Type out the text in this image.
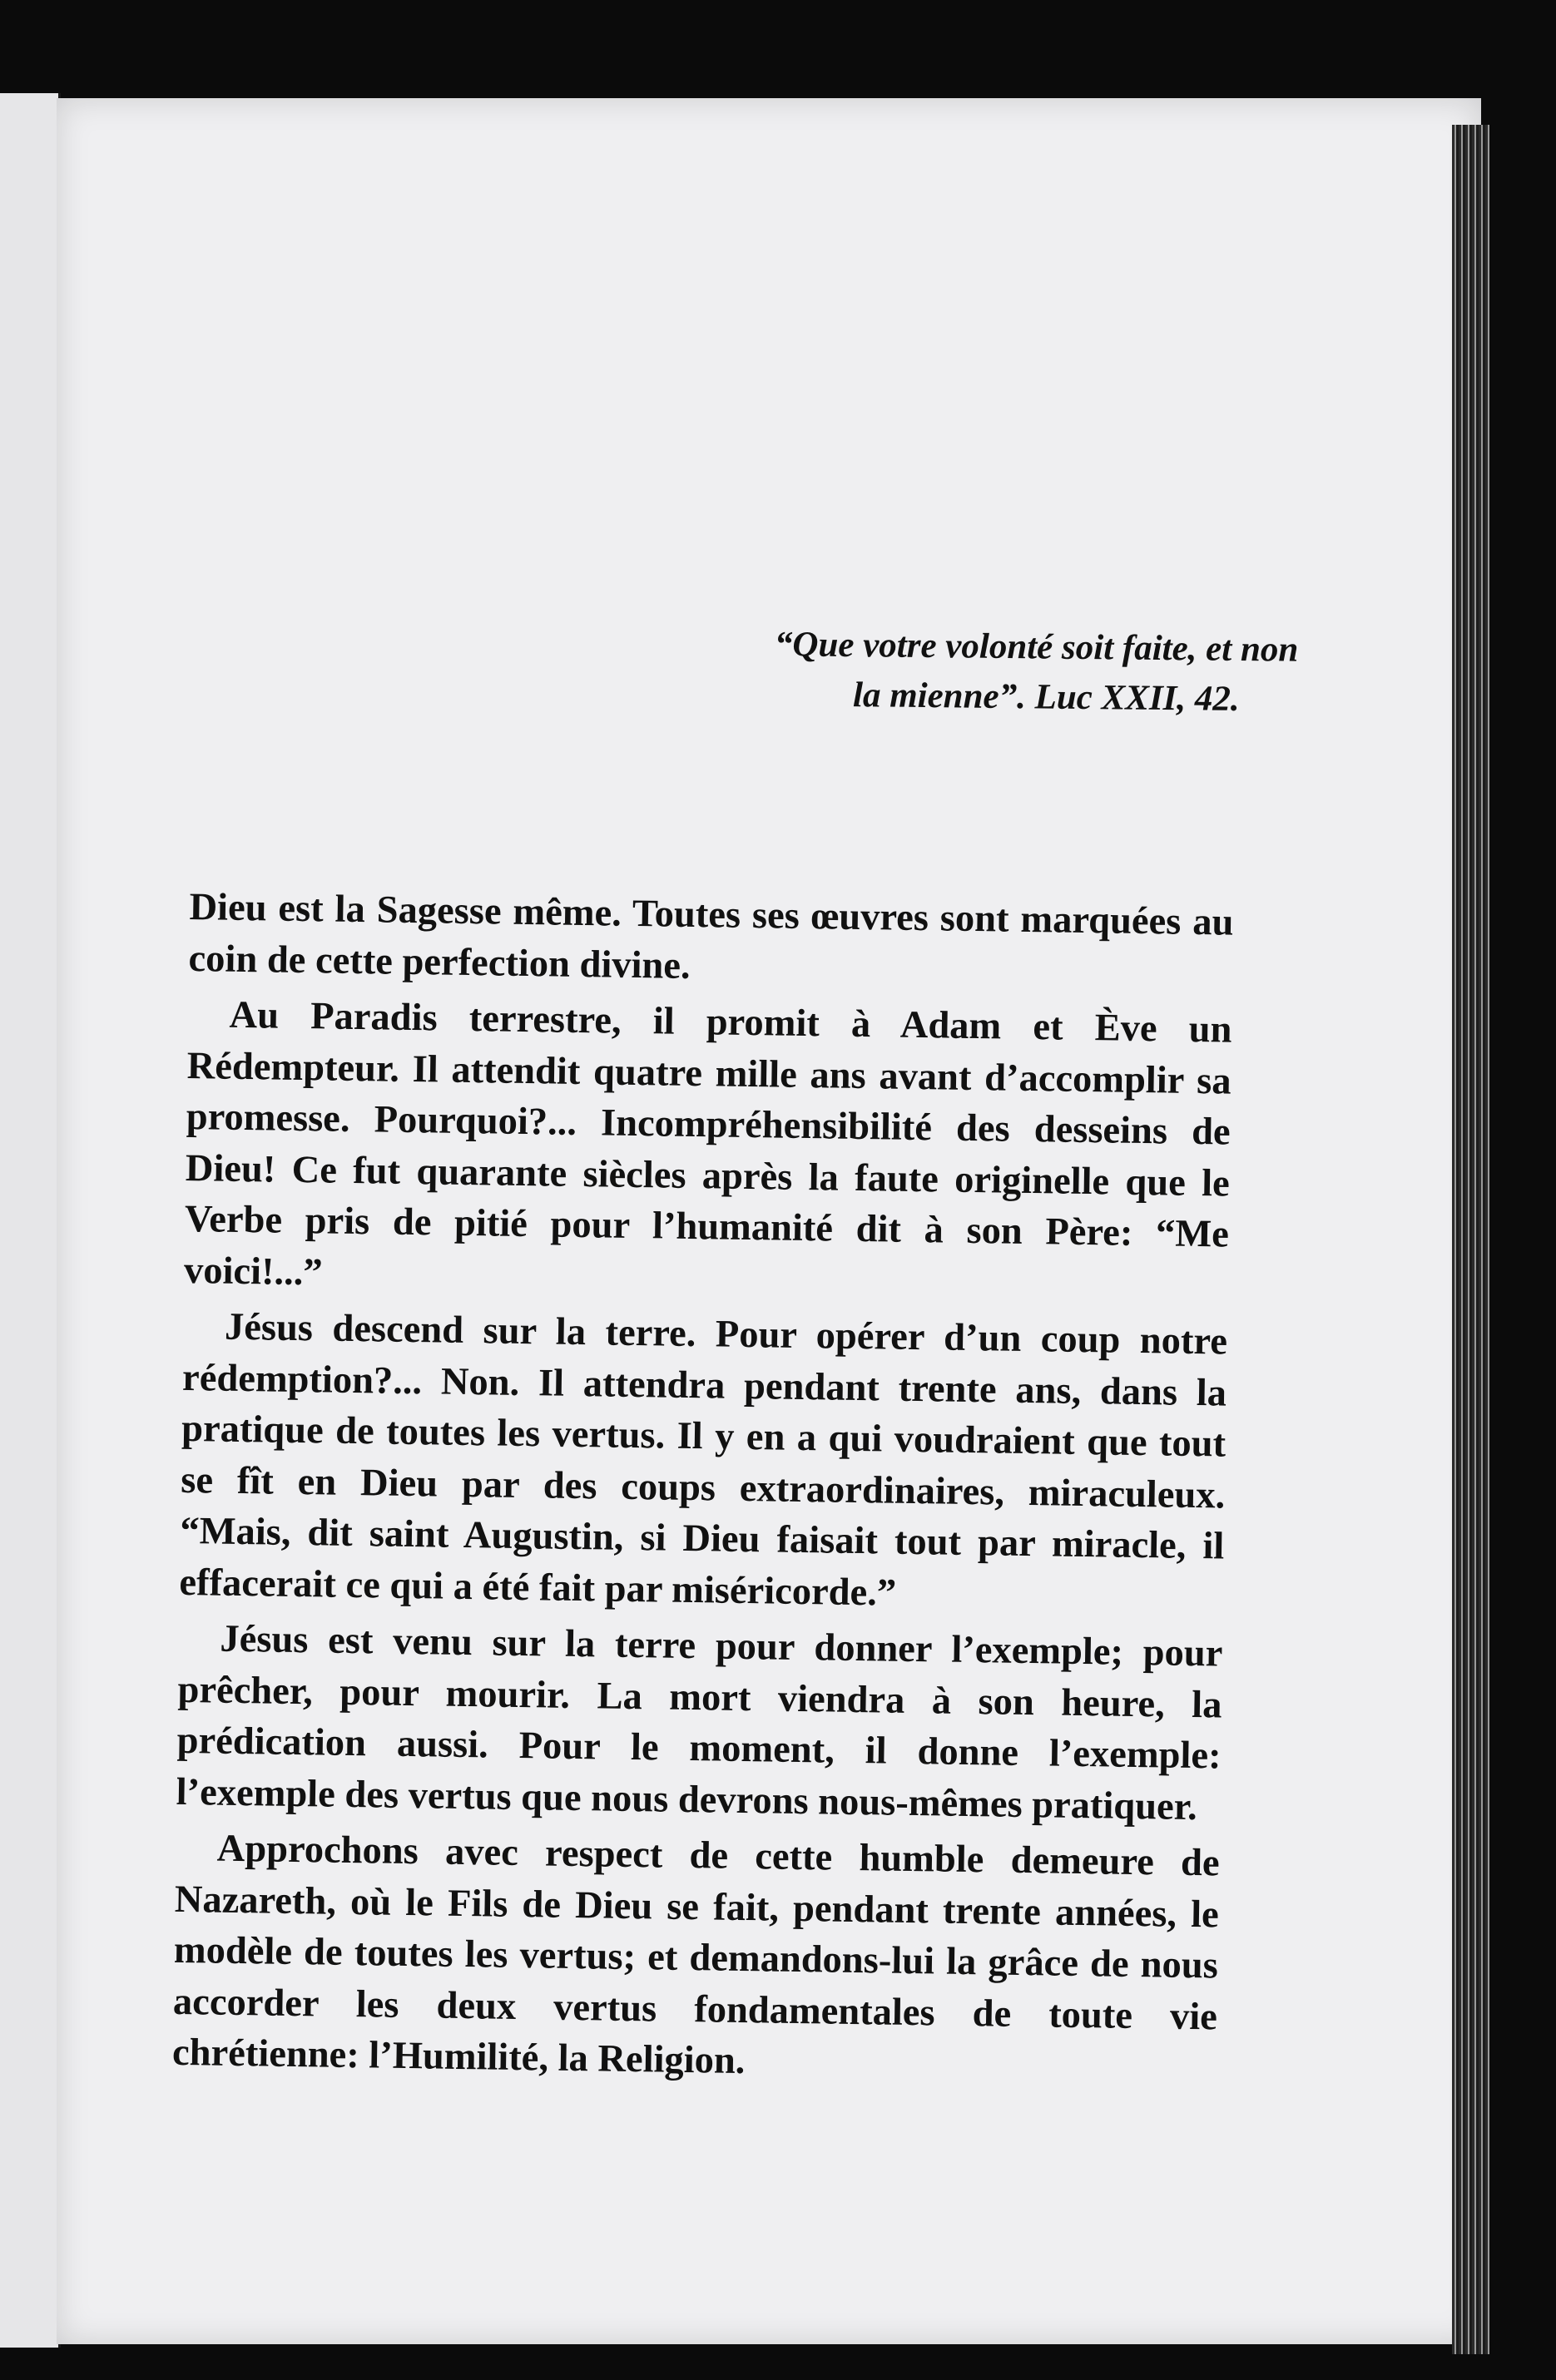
“Que votre volonté soit faite, et non
la mienne”. Luc XXII, 42.

Dieu est la Sagesse même. Toutes ses œuvres sont marquées au coin de cette perfection divine.

Au Paradis terrestre, il promit à Adam et Ève un Rédempteur. Il attendit quatre mille ans avant d’accomplir sa promesse. Pourquoi?... Incompréhensibilité des desseins de Dieu! Ce fut quarante siècles après la faute originelle que le Verbe pris de pitié pour l’humanité dit à son Père: “Me voici!...”

Jésus descend sur la terre. Pour opérer d’un coup notre rédemption?... Non. Il attendra pendant trente ans, dans la pratique de toutes les vertus. Il y en a qui voudraient que tout se fît en Dieu par des coups extraordinaires, miraculeux. “Mais, dit saint Augustin, si Dieu faisait tout par miracle, il effacerait ce qui a été fait par miséricorde.”

Jésus est venu sur la terre pour donner l’exemple; pour prêcher, pour mourir. La mort viendra à son heure, la prédication aussi. Pour le moment, il donne l’exemple: l’exemple des vertus que nous devrons nous-mêmes pratiquer.

Approchons avec respect de cette humble demeure de Nazareth, où le Fils de Dieu se fait, pendant trente années, le modèle de toutes les vertus; et demandons-lui la grâce de nous accorder les deux vertus fondamentales de toute vie chrétienne: l’Humilité, la Religion.
